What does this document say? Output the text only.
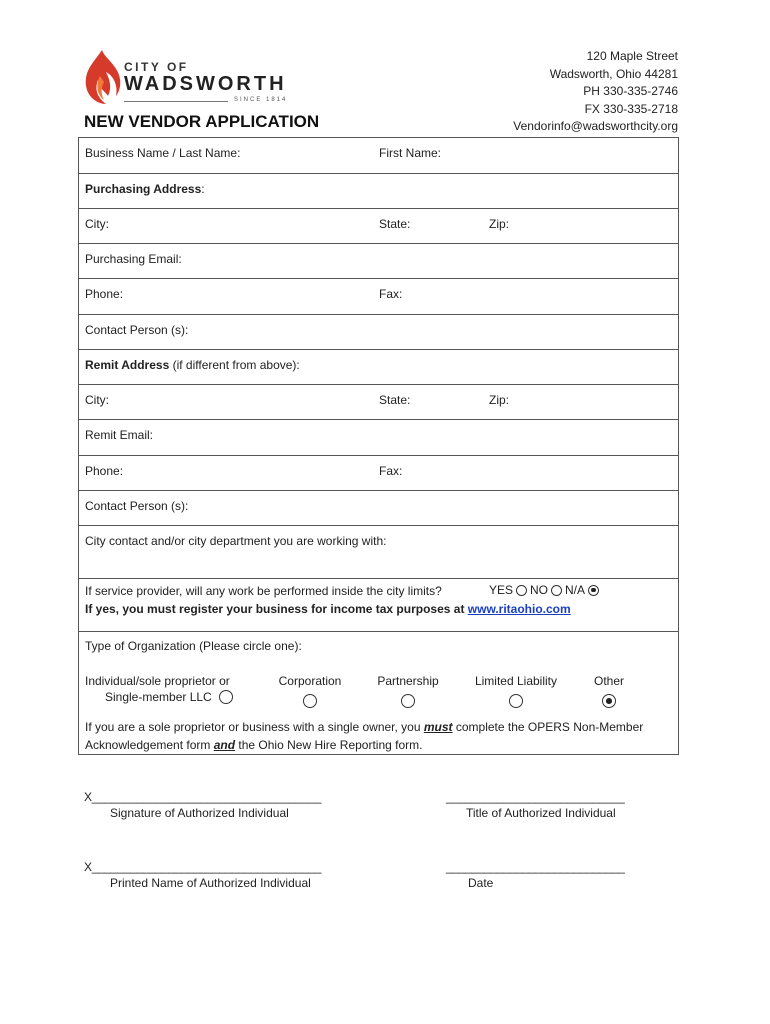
CITY OF
WADSWORTH
SINCE 1814
120 Maple Street
Wadsworth, Ohio 44281
PH 330-335-2746
FX 330-335-2718
Vendorinfo@wadsworthcity.org
NEW VENDOR APPLICATION
Business Name / Last Name:	First Name:
Purchasing Address:
City:	State:	Zip:
Purchasing Email:
Phone:	Fax:
Contact Person (s):
Remit Address (if different from above):
City:	State:	Zip:
Remit Email:
Phone:	Fax:
Contact Person (s):
City contact and/or city department you are working with:
If service provider, will any work be performed inside the city limits?	YES NO N/A
If yes, you must register your business for income tax purposes at www.ritaohio.com
Type of Organization (Please circle one):
Individual/sole proprietor or
Single-member LLC
Corporation	Partnership	Limited Liability	Other
If you are a sole proprietor or business with a single owner, you must complete the OPERS Non-Member
Acknowledgement form and the Ohio New Hire Reporting form.
X____________________________________
Signature of Authorized Individual
____________________________
Title of Authorized Individual
X____________________________________
Printed Name of Authorized Individual
____________________________
Date
